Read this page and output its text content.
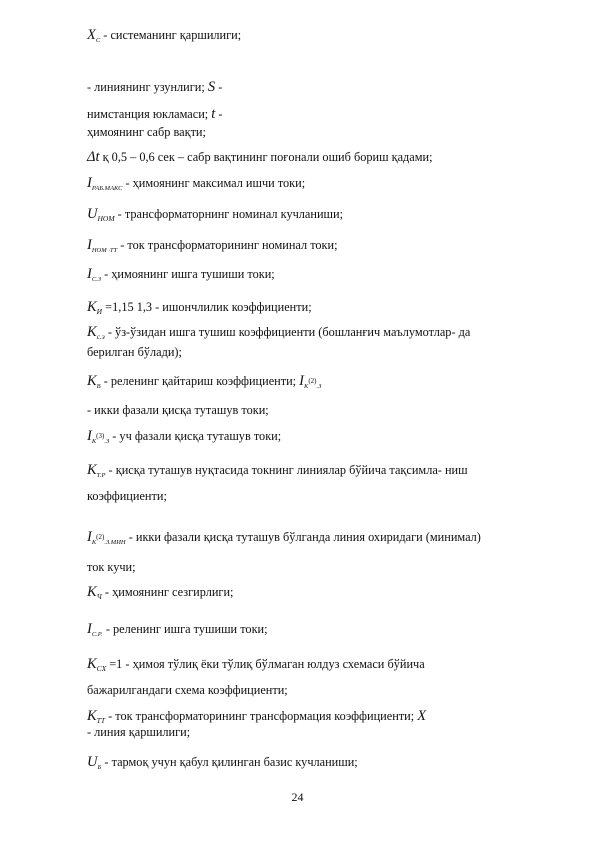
$X_C$ - системанинг қаршилиги;
- линиянинг узунлиги; S -
нимстанция юкламаси; t -
ҳимоянинг сабр вақти;
Δt қ 0,5 – 0,6 сек – сабр вақтининг поғонали ошиб бориш қадами;
$I_{РАБ.МАКС}$ - ҳимоянинг максимал ишчи токи;
$U_{НОМ}$ - трансформаторнинг номинал кучланиши;
$I_{НОМ \cdot ТТ}$ - ток трансформаторининг номинал токи;
$I_{С.З}$ - ҳимоянинг ишга тушиши токи;
$K_И =1,15$ 1,3 - ишончлилик коэффициенти;
$K_{с.з}$ - ўз-ўзидан ишга тушиш коэффициенти (бошланғич маълумотлар- да
берилган бўлади);
$K_В$ - реленинг қайтариш коэффициенти; $I_К^{(2)}_{.З}$
- икки фазали қисқа туташув токи;
$I_К^{(3)}_{.З}$ - уч фазали қисқа туташув токи;
$K_{Т.Р}$ - қисқа туташув нуқтасида токнинг линиялар бўйича тақсимла- ниш
коэффициенти;
$I_К^{(2)}_{.З.МИН}$ - икки фазали қисқа туташув бўлганда линия охиридаги (минимал)
ток кучи;
$K_Ч$ - ҳимоянинг сезгирлиги;
$I_{С.Р.}$ - реленинг ишга тушиши токи;
$K_{СХ} =1$ - ҳимоя тўлиқ ёки тўлиқ бўлмаган юлдуз схемаси бўйича
бажарилгандаги схема коэффициенти;
$K_{ТТ}$ - ток трансформаторининг трансформация коэффициенти; X
- линия қаршилиги;
$U_Б$ - тармоқ учун қабул қилинган базис кучланиши;
24
